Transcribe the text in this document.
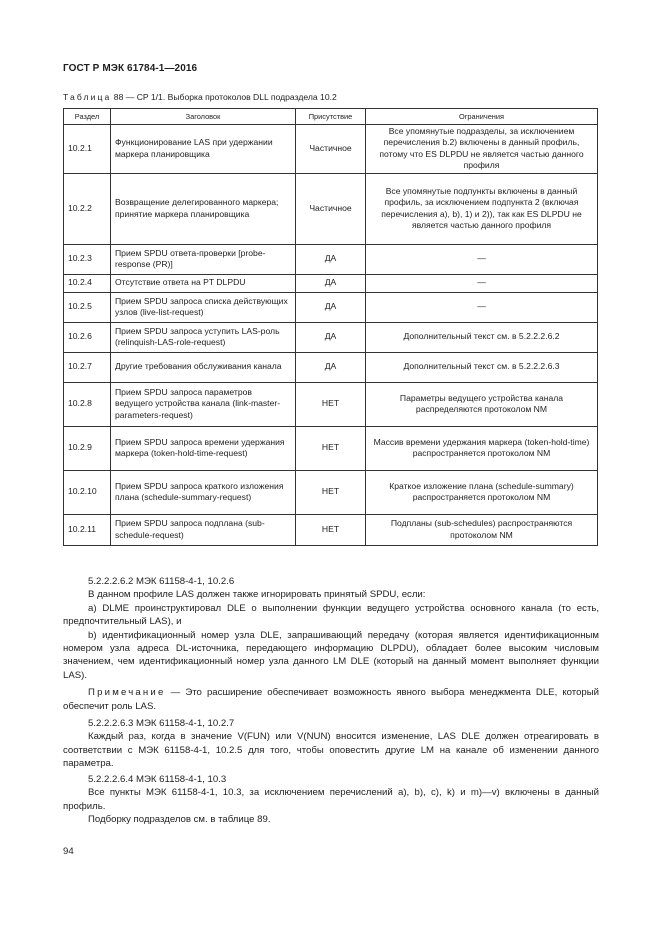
ГОСТ Р МЭК 61784-1—2016
Таблица 88 — CP 1/1. Выборка протоколов DLL подраздела 10.2
Раздел	Заголовок	Присутствие	Ограничения
10.2.1	Функционирование LAS при удержании маркера планировщика	Частичное	Все упомянутые подразделы, за исключением перечисления b.2) включены в данный профиль, потому что ES DLPDU не является частью данного профиля
10.2.2	Возвращение делегированного маркера; принятие маркера планировщика	Частичное	Все упомянутые подпункты включены в данный профиль, за исключением подпункта 2 (включая перечисления a), b), 1) и 2)), так как ES DLPDU не является частью данного профиля
10.2.3	Прием SPDU ответа-проверки [probe-response (PR)]	ДА	—
10.2.4	Отсутствие ответа на PT DLPDU	ДА	—
10.2.5	Прием SPDU запроса списка действующих узлов (live-list-request)	ДА	—
10.2.6	Прием SPDU запроса уступить LAS-роль (relinquish-LAS-role-request)	ДА	Дополнительный текст см. в 5.2.2.2.6.2
10.2.7	Другие требования обслуживания канала	ДА	Дополнительный текст см. в 5.2.2.2.6.3
10.2.8	Прием SPDU запроса параметров ведущего устройства канала (link-master-parameters-request)	НЕТ	Параметры ведущего устройства канала распределяются протоколом NM
10.2.9	Прием SPDU запроса времени удержания маркера (token-hold-time-request)	НЕТ	Массив времени удержания маркера (token-hold-time) распространяется протоколом NM
10.2.10	Прием SPDU запроса краткого изложения плана (schedule-summary-request)	НЕТ	Краткое изложение плана (schedule-summary) распространяется протоколом NM
10.2.11	Прием SPDU запроса подплана (sub-schedule-request)	НЕТ	Подпланы (sub-schedules) распространяются протоколом NM

5.2.2.2.6.2 МЭК 61158-4-1, 10.2.6

В данном профиле LAS должен также игнорировать принятый SPDU, если:

a) DLME проинструктировал DLE о выполнении функции ведущего устройства основного канала (то есть, предпочтительный LAS), и

b) идентификационный номер узла DLE, запрашивающий передачу (которая является идентификационным номером узла адреса DL-источника, передающего информацию DLPDU), обладает более высоким числовым значением, чем идентификационный номер узла данного LM DLE (который на данный момент выполняет функции LAS).

Примечание — Это расширение обеспечивает возможность явного выбора менеджмента DLE, который обеспечит роль LAS.

5.2.2.2.6.3 МЭК 61158-4-1, 10.2.7

Каждый раз, когда в значение V(FUN) или V(NUN) вносится изменение, LAS DLE должен отреагировать в соответствии с МЭК 61158-4-1, 10.2.5 для того, чтобы оповестить другие LM на канале об изменении данного параметра.

5.2.2.2.6.4 МЭК 61158-4-1, 10.3

Все пункты МЭК 61158-4-1, 10.3, за исключением перечислений a), b), c), k) и m)—v) включены в данный профиль.

Подборку подразделов см. в таблице 89.

94
